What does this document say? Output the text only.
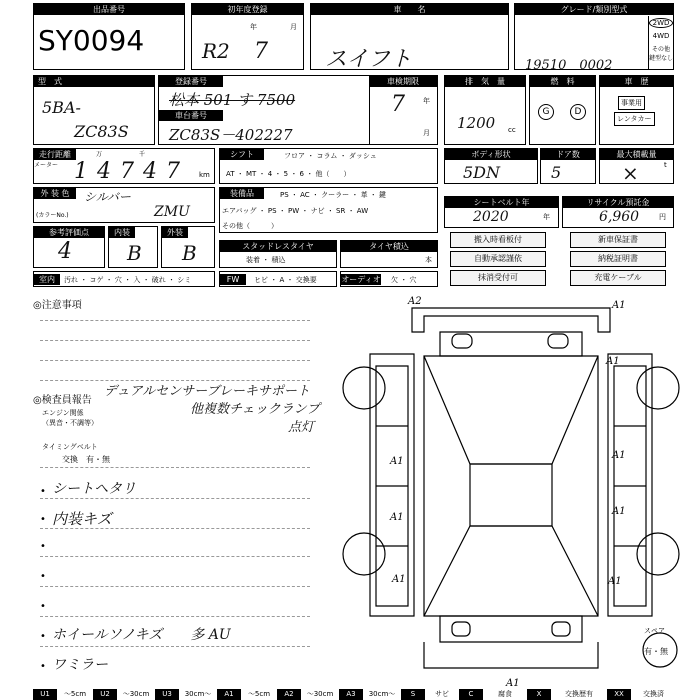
出品番号
SY0094
初年度登録
R2
年
7
月
車　　名
スイフト
グレード/類別型式
19510　0002
2WD
4WD
その他
鍵型なし
型　式
5BA-
ZC83S
登録番号
松本 501 す 7500
車台番号
ZC83S－402227
車検期限
7	年
月
排　気　量
1200 cc
燃　料
G	D
車　歴
事業用
レンタカー
走行距離
メーター 14747
万	千
km
シフト	フロア ・ コラム ・ ダッシュ
AT ・ MT ・ 4 ・ 5 ・ 6 ・ 他（　　）
ボディ形状
5DN
ドア数
5
最大積載量
×	t
外 装 色	シルバー
(カラーNo.)	ZMU
装備品	PS ・ AC ・ クーラー ・ 革 ・ 鍵
エアバッグ ・ PS ・ PW ・ ナビ ・ SR ・ AW
その他（　　　）
シートベルト年
2020	年
リサイクル預託金
6,960	円
参考評価点
4
内装
B
外装
B	スタッドレスタイヤ
装着 ・ 積込
タイヤ積込
本
搬入時看板付
自動承認謹依
抹消受付可
新車保証書
納税証明書
充電ケーブル
室内	汚れ ・ コゲ ・ 穴 ・ 入 ・ 破れ ・ シミ	FW	ヒビ ・ A ・ 交換要	オーディオ 欠 ・ 穴
◎注意事項
◎検査員報告
デュアルセンサーブレーキサポート
他複数チェックランプ
点灯
エンジン関係
（異音・不調等）
タイミングベルト
交換　有・無
• シートヘタリ
• 内装キズ
•
•
•
• ホイールソノキズ　　多 AU
• ワミラー
A2	A1
A1
A1
A1
A1
A1
A1	A1
A1
スペア
有・無
U1	～5cm	U2	～30cm	U3	30cm～	A1	～5cm	A2	～30cm	A3	30cm～	S	サビ	C	腐食	X	交換歴有	XX	交換済
